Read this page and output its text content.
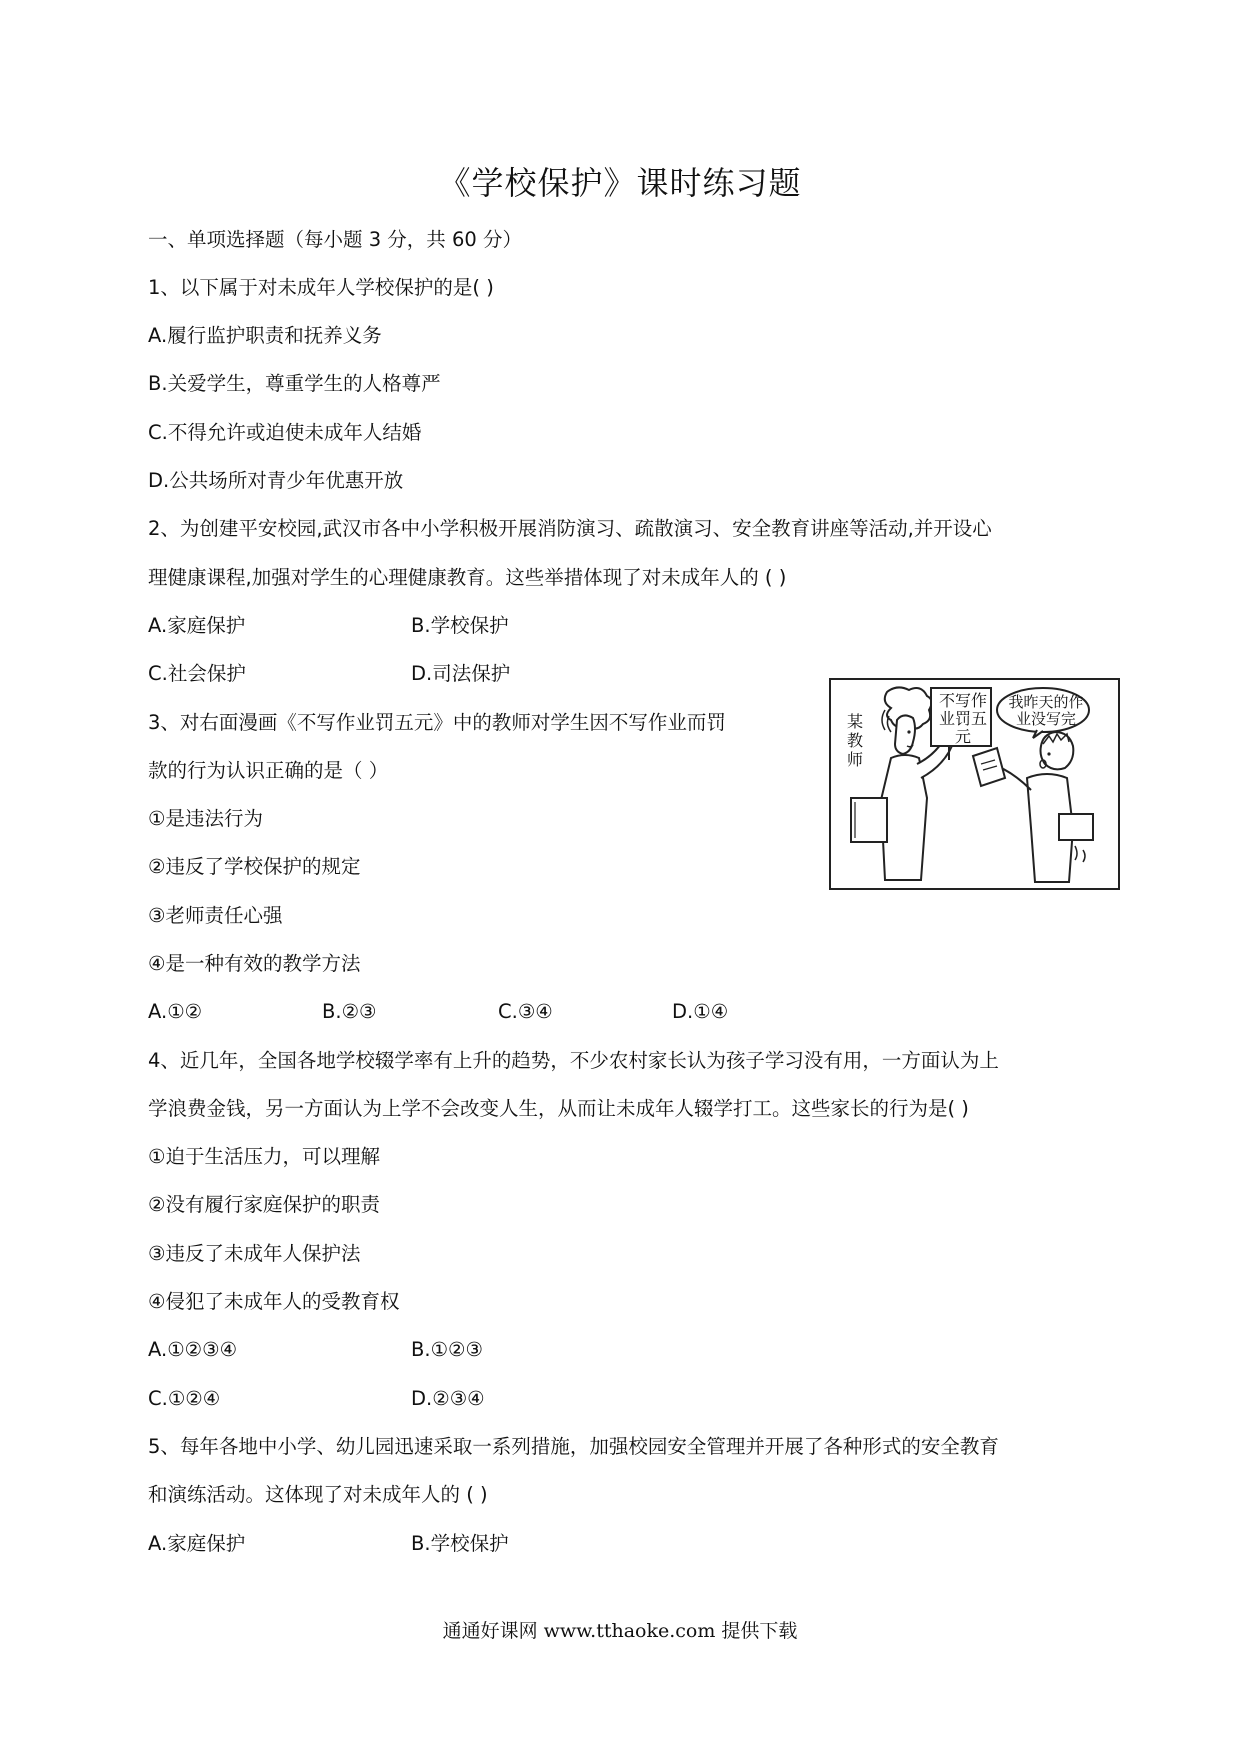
《学校保护》课时练习题
一、单项选择题（每小题 3 分，共 60 分）
1、以下属于对未成年人学校保护的是( )
A.履行监护职责和抚养义务
B.关爱学生，尊重学生的人格尊严
C.不得允许或迫使未成年人结婚
D.公共场所对青少年优惠开放
2、为创建平安校园,武汉市各中小学积极开展消防演习、疏散演习、安全教育讲座等活动,并开设心
理健康课程,加强对学生的心理健康教育。这些举措体现了对未成年人的 ( )
A.家庭保护	B.学校保护
C.社会保护	D.司法保护
3、对右面漫画《不写作业罚五元》中的教师对学生因不写作业而罚
款的行为认识正确的是（ ）
①是违法行为
②违反了学校保护的规定
③老师责任心强
④是一种有效的教学方法
A.①②	B.②③	C.③④	D.①④
某教师
不写作业罚五元
我昨天的作业没写完
4、近几年，全国各地学校辍学率有上升的趋势，不少农村家长认为孩子学习没有用，一方面认为上
学浪费金钱，另一方面认为上学不会改变人生，从而让未成年人辍学打工。这些家长的行为是( )
①迫于生活压力，可以理解
②没有履行家庭保护的职责
③违反了未成年人保护法
④侵犯了未成年人的受教育权
A.①②③④	B.①②③
C.①②④	D.②③④
5、每年各地中小学、幼儿园迅速采取一系列措施，加强校园安全管理并开展了各种形式的安全教育
和演练活动。这体现了对未成年人的 ( )
A.家庭保护	B.学校保护
通通好课网 www.tthaoke.com 提供下载
